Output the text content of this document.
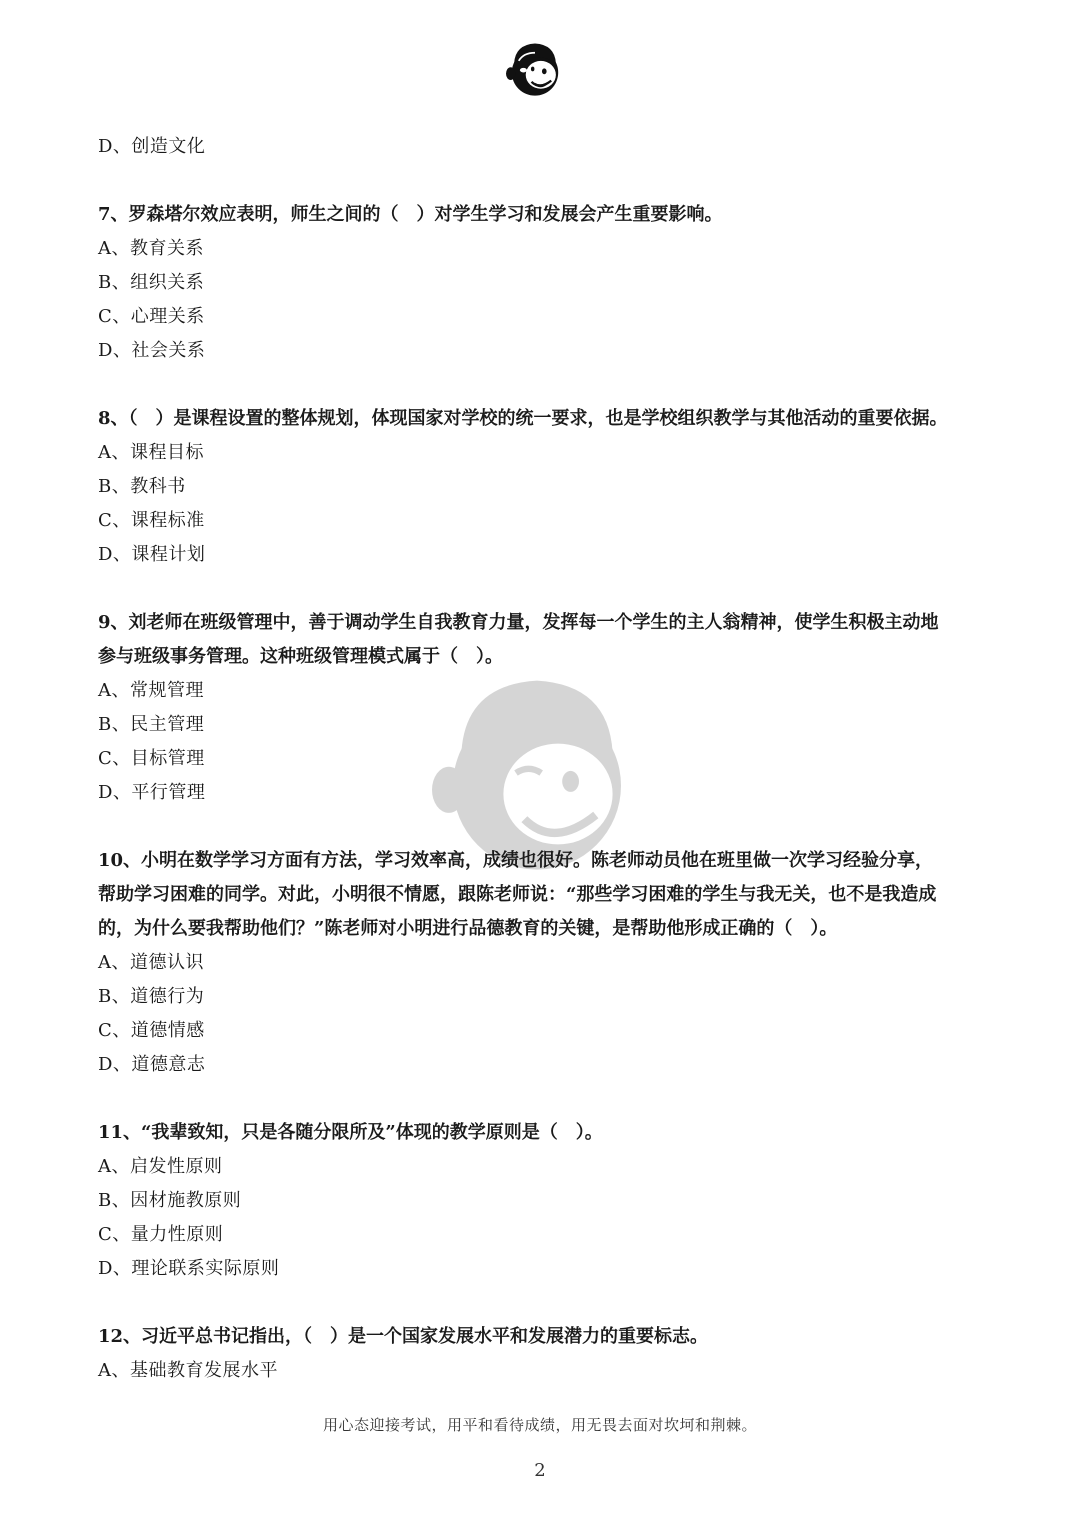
D、创造文化
7、罗森塔尔效应表明，师生之间的（　）对学生学习和发展会产生重要影响。
A、教育关系
B、组织关系
C、心理关系
D、社会关系
8、（　）是课程设置的整体规划，体现国家对学校的统一要求，也是学校组织教学与其他活动的重要依据。
A、课程目标
B、教科书
C、课程标准
D、课程计划
9、刘老师在班级管理中，善于调动学生自我教育力量，发挥每一个学生的主人翁精神，使学生积极主动地
参与班级事务管理。这种班级管理模式属于（　）。
A、常规管理
B、民主管理
C、目标管理
D、平行管理
10、小明在数学学习方面有方法，学习效率高，成绩也很好。陈老师动员他在班里做一次学习经验分享，
帮助学习困难的同学。对此，小明很不情愿，跟陈老师说：“那些学习困难的学生与我无关，也不是我造成
的，为什么要我帮助他们？”陈老师对小明进行品德教育的关键，是帮助他形成正确的（　）。
A、道德认识
B、道德行为
C、道德情感
D、道德意志
11、“我辈致知，只是各随分限所及”体现的教学原则是（　）。
A、启发性原则
B、因材施教原则
C、量力性原则
D、理论联系实际原则
12、习近平总书记指出，（　）是一个国家发展水平和发展潜力的重要标志。
A、基础教育发展水平
用心态迎接考试，用平和看待成绩，用无畏去面对坎坷和荆棘。
2
